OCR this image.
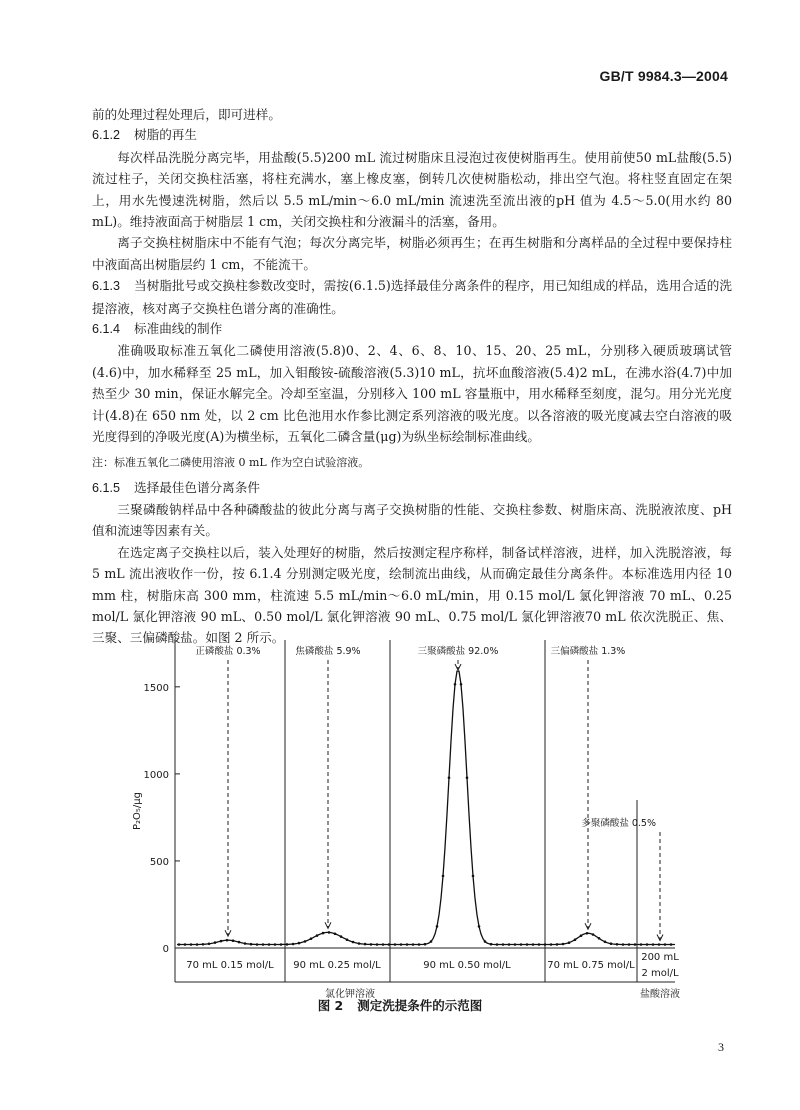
GB/T 9984.3—2004

前的处理过程处理后，即可进样。

6.1.2 树脂的再生

每次样品洗脱分离完毕，用盐酸(5.5)200 mL 流过树脂床且浸泡过夜使树脂再生。使用前使50 mL盐酸(5.5)流过柱子，关闭交换柱活塞，将柱充满水，塞上橡皮塞，倒转几次使树脂松动，排出空气泡。将柱竖直固定在架上，用水先慢速洗树脂，然后以 5.5 mL/min～6.0 mL/min 流速洗至流出液的pH 值为 4.5～5.0(用水约 80 mL)。维持液面高于树脂层 1 cm，关闭交换柱和分液漏斗的活塞，备用。

离子交换柱树脂床中不能有气泡；每次分离完毕，树脂必须再生；在再生树脂和分离样品的全过程中要保持柱中液面高出树脂层约 1 cm，不能流干。

6.1.3 当树脂批号或交换柱参数改变时，需按(6.1.5)选择最佳分离条件的程序，用已知组成的样品，选用合适的洗提溶液，核对离子交换柱色谱分离的准确性。

6.1.4 标准曲线的制作

准确吸取标准五氧化二磷使用溶液(5.8)0、2、4、6、8、10、15、20、25 mL，分别移入硬质玻璃试管(4.6)中，加水稀释至 25 mL，加入钼酸铵-硫酸溶液(5.3)10 mL，抗坏血酸溶液(5.4)2 mL，在沸水浴(4.7)中加热至少 30 min，保证水解完全。冷却至室温，分别移入 100 mL 容量瓶中，用水稀释至刻度，混匀。用分光光度计(4.8)在 650 nm 处，以 2 cm 比色池用水作参比测定系列溶液的吸光度。以各溶液的吸光度减去空白溶液的吸光度得到的净吸光度(A)为横坐标，五氧化二磷含量(μg)为纵坐标绘制标准曲线。

注：标准五氧化二磷使用溶液 0 mL 作为空白试验溶液。

6.1.5 选择最佳色谱分离条件

三聚磷酸钠样品中各种磷酸盐的彼此分离与离子交换树脂的性能、交换柱参数、树脂床高、洗脱液浓度、pH 值和流速等因素有关。

在选定离子交换柱以后，装入处理好的树脂，然后按测定程序称样，制备试样溶液，进样，加入洗脱溶液，每 5 mL 流出液收作一份，按 6.1.4 分别测定吸光度，绘制流出曲线，从而确定最佳分离条件。本标准选用内径 10 mm 柱，树脂床高 300 mm，柱流速 5.5 mL/min～6.0 mL/min，用 0.15 mol/L 氯化钾溶液 70 mL、0.25 mol/L 氯化钾溶液 90 mL、0.50 mol/L 氯化钾溶液 90 mL、0.75 mol/L 氯化钾溶液70 mL 依次洗脱正、焦、三聚、三偏磷酸盐。如图 2 所示。

0
500
1000
1500
P₂O₅/μg
正磷酸盐 0.3%	焦磷酸盐 5.9%	三聚磷酸盐 92.0%	三偏磷酸盐 1.3%
多聚磷酸盐 0.5%
70 mL 0.15 mol/L 90 mL 0.25 mol/L	90 mL 0.50 mol/L	70 mL 0.75 mol/L
200 mL
2 mol/L
氯化钾溶液	盐酸溶液
图 2 测定洗提条件的示范图
3
